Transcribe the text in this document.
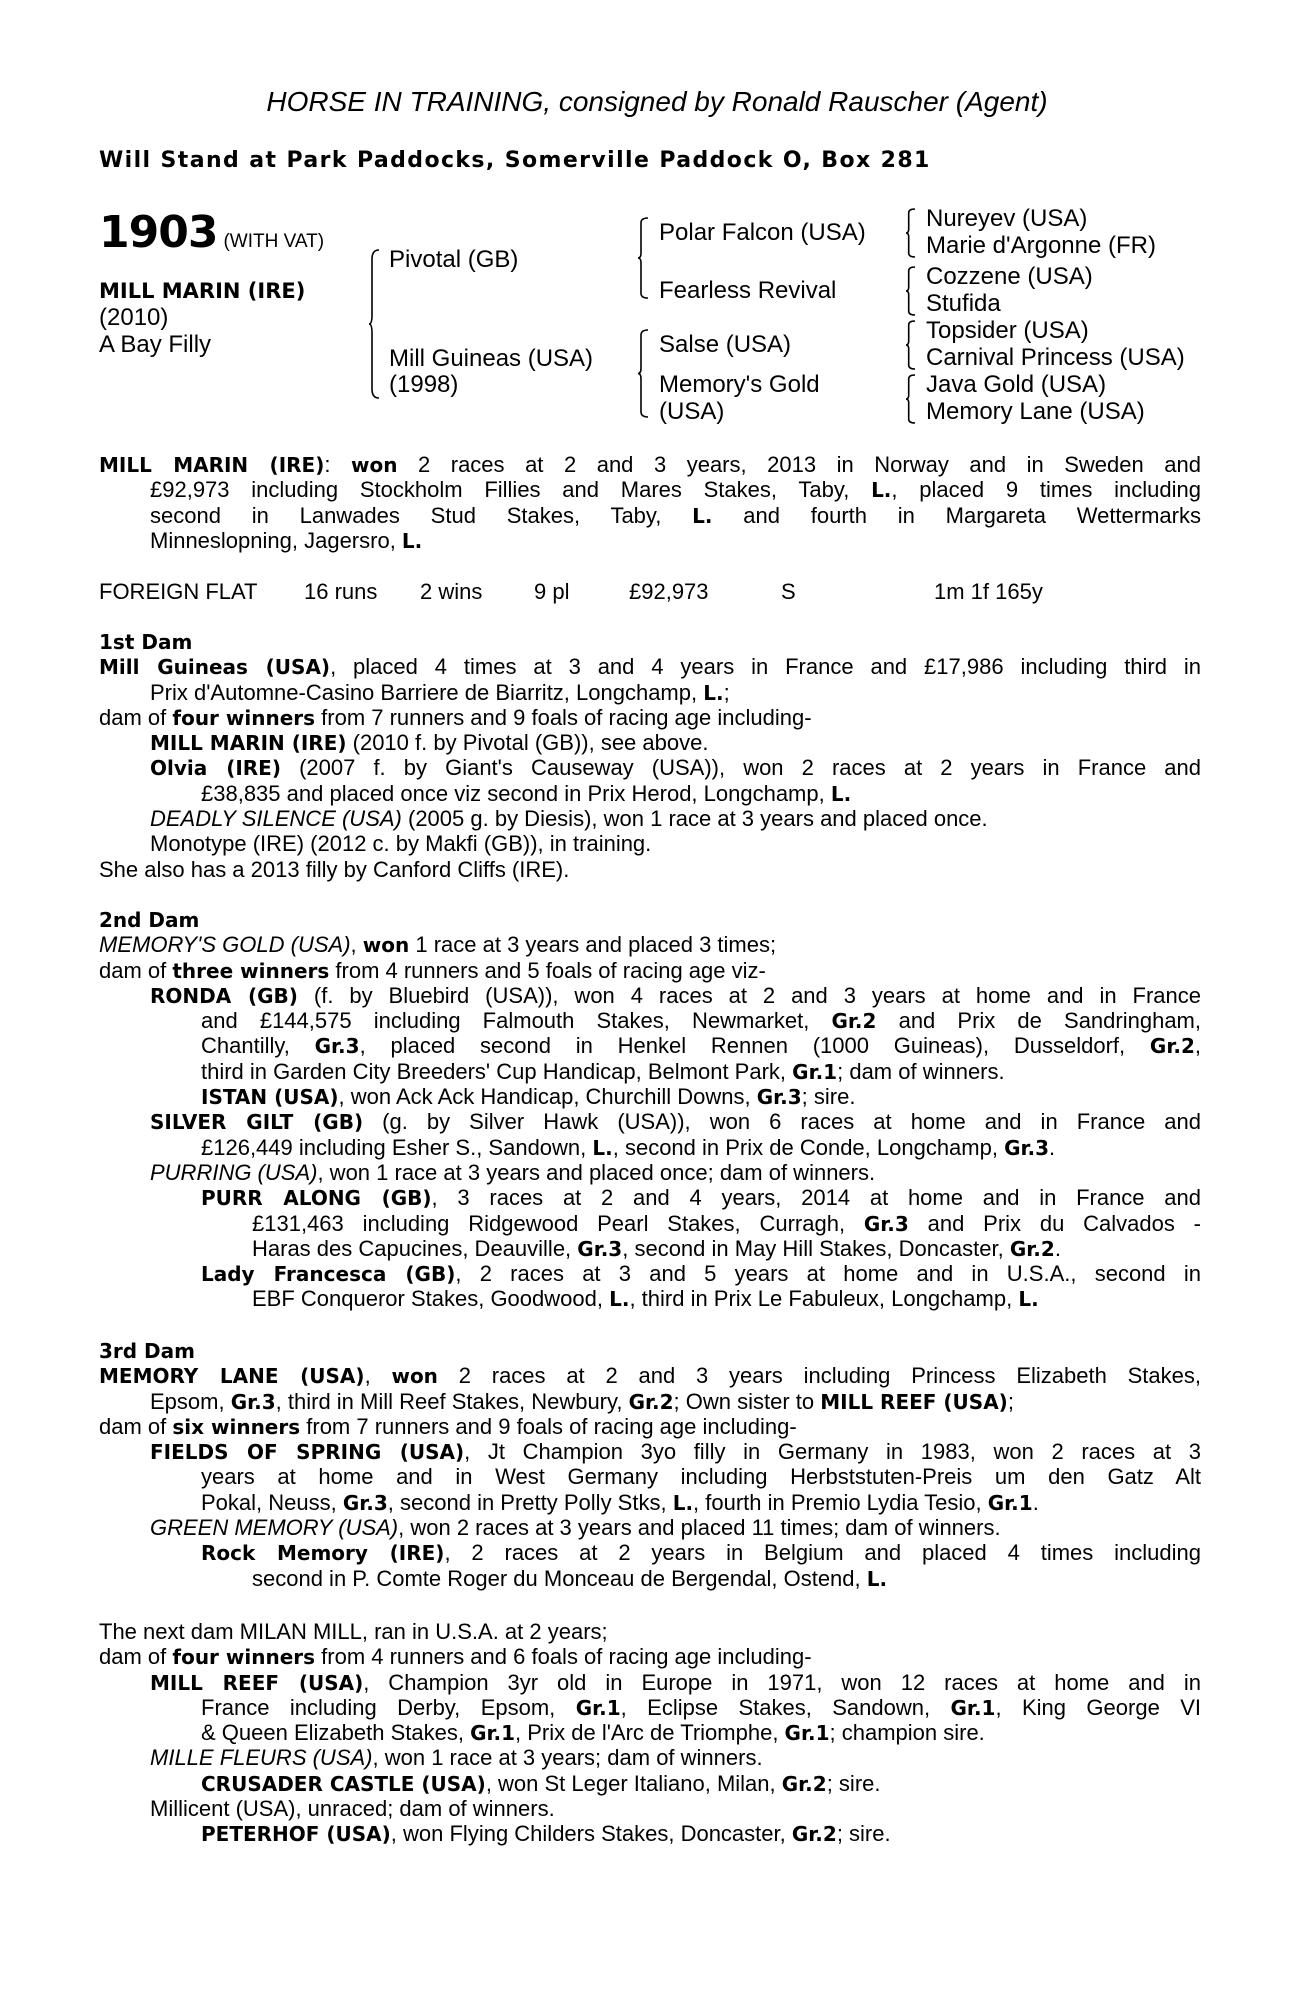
HORSE IN TRAINING, consigned by Ronald Rauscher (Agent)
Will Stand at Park Paddocks, Somerville Paddock O, Box 281
1903 (WITH VAT)
MILL MARIN (IRE)
(2010)
A Bay Filly
Pivotal (GB)
Mill Guineas (USA)
(1998)
Polar Falcon (USA)
Fearless Revival
Salse (USA)
Memory's Gold
(USA)
Nureyev (USA)
Marie d'Argonne (FR)
Cozzene (USA)
Stufida
Topsider (USA)
Carnival Princess (USA)
Java Gold (USA)
Memory Lane (USA)
MILL MARIN (IRE): won 2 races at 2 and 3 years, 2013 in Norway and in Sweden and
£92,973 including Stockholm Fillies and Mares Stakes, Taby, L., placed 9 times including
second in Lanwades Stud Stakes, Taby, L. and fourth in Margareta Wettermarks
Minneslopning, Jagersro, L.
FOREIGN FLAT 16 runs 2 wins 9 pl	£92,973	S	1m 1f 165y
1st Dam
Mill Guineas (USA), placed 4 times at 3 and 4 years in France and £17,986 including third in
Prix d'Automne-Casino Barriere de Biarritz, Longchamp, L.;
dam of four winners from 7 runners and 9 foals of racing age including-
MILL MARIN (IRE) (2010 f. by Pivotal (GB)), see above.
Olvia (IRE) (2007 f. by Giant's Causeway (USA)), won 2 races at 2 years in France and
£38,835 and placed once viz second in Prix Herod, Longchamp, L.
DEADLY SILENCE (USA) (2005 g. by Diesis), won 1 race at 3 years and placed once.
Monotype (IRE) (2012 c. by Makfi (GB)), in training.
She also has a 2013 filly by Canford Cliffs (IRE).
2nd Dam
MEMORY'S GOLD (USA), won 1 race at 3 years and placed 3 times;
dam of three winners from 4 runners and 5 foals of racing age viz-
RONDA (GB) (f. by Bluebird (USA)), won 4 races at 2 and 3 years at home and in France
and £144,575 including Falmouth Stakes, Newmarket, Gr.2 and Prix de Sandringham,
Chantilly, Gr.3, placed second in Henkel Rennen (1000 Guineas), Dusseldorf, Gr.2,
third in Garden City Breeders' Cup Handicap, Belmont Park, Gr.1; dam of winners.
ISTAN (USA), won Ack Ack Handicap, Churchill Downs, Gr.3; sire.
SILVER GILT (GB) (g. by Silver Hawk (USA)), won 6 races at home and in France and
£126,449 including Esher S., Sandown, L., second in Prix de Conde, Longchamp, Gr.3.
PURRING (USA), won 1 race at 3 years and placed once; dam of winners.
PURR ALONG (GB), 3 races at 2 and 4 years, 2014 at home and in France and
£131,463 including Ridgewood Pearl Stakes, Curragh, Gr.3 and Prix du Calvados -
Haras des Capucines, Deauville, Gr.3, second in May Hill Stakes, Doncaster, Gr.2.
Lady Francesca (GB), 2 races at 3 and 5 years at home and in U.S.A., second in
EBF Conqueror Stakes, Goodwood, L., third in Prix Le Fabuleux, Longchamp, L.
3rd Dam
MEMORY LANE (USA), won 2 races at 2 and 3 years including Princess Elizabeth Stakes,
Epsom, Gr.3, third in Mill Reef Stakes, Newbury, Gr.2; Own sister to MILL REEF (USA);
dam of six winners from 7 runners and 9 foals of racing age including-
FIELDS OF SPRING (USA), Jt Champion 3yo filly in Germany in 1983, won 2 races at 3
years at home and in West Germany including Herbststuten-Preis um den Gatz Alt
Pokal, Neuss, Gr.3, second in Pretty Polly Stks, L., fourth in Premio Lydia Tesio, Gr.1.
GREEN MEMORY (USA), won 2 races at 3 years and placed 11 times; dam of winners.
Rock Memory (IRE), 2 races at 2 years in Belgium and placed 4 times including
second in P. Comte Roger du Monceau de Bergendal, Ostend, L.
The next dam MILAN MILL, ran in U.S.A. at 2 years;
dam of four winners from 4 runners and 6 foals of racing age including-
MILL REEF (USA), Champion 3yr old in Europe in 1971, won 12 races at home and in
France including Derby, Epsom, Gr.1, Eclipse Stakes, Sandown, Gr.1, King George VI
& Queen Elizabeth Stakes, Gr.1, Prix de l'Arc de Triomphe, Gr.1; champion sire.
MILLE FLEURS (USA), won 1 race at 3 years; dam of winners.
CRUSADER CASTLE (USA), won St Leger Italiano, Milan, Gr.2; sire.
Millicent (USA), unraced; dam of winners.
PETERHOF (USA), won Flying Childers Stakes, Doncaster, Gr.2; sire.
